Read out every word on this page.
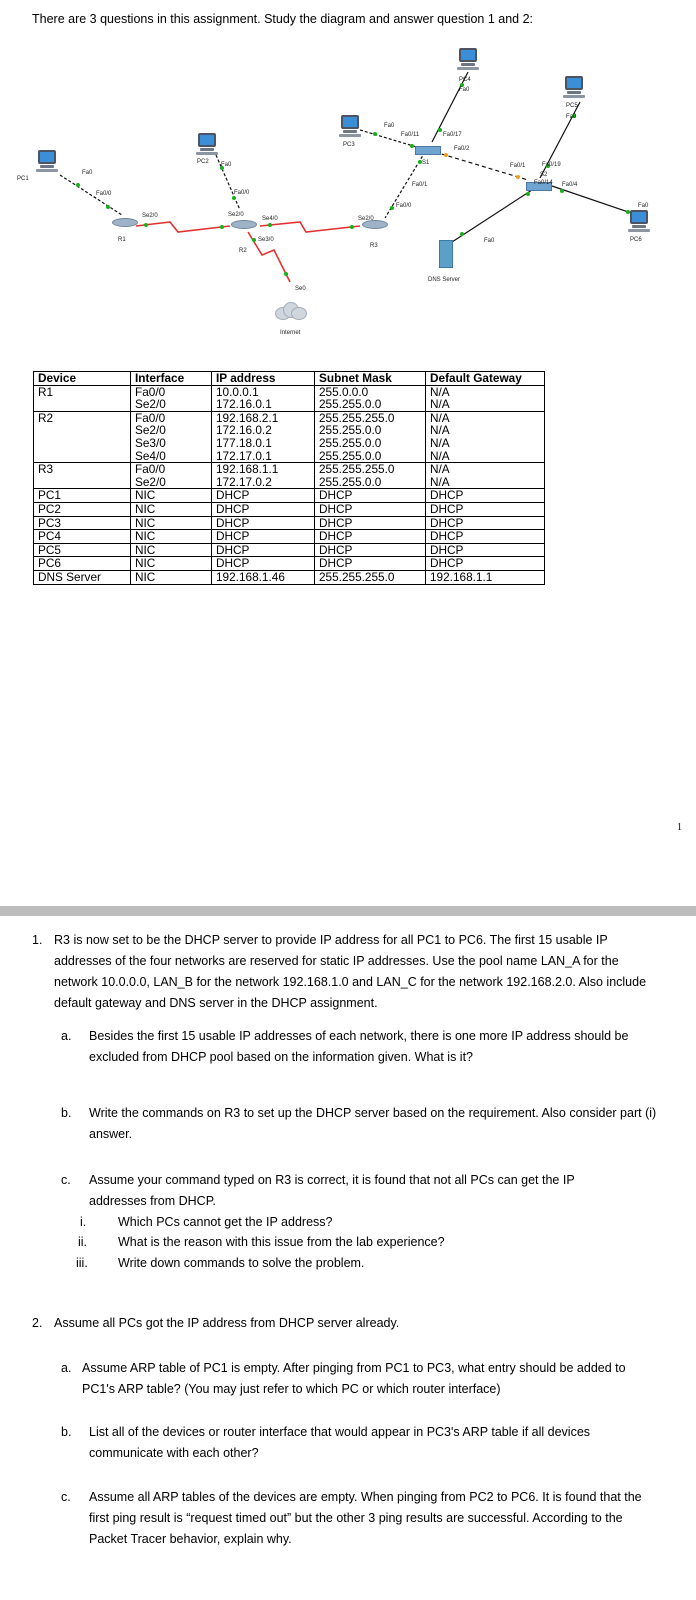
There are 3 questions in this assignment. Study the diagram and answer question 1 and 2:
PC1
Fa0
Fa0/0
Se2/0
R1
PC2 Fa0
Fa0/0
Se2/0
Se4/0
Se3/0
R2
Se0
Internet
PC3
Fa0
Se2/0
Fa0/0
R3
Fa0/11
S1
Fa0/1
Fa0/17
Fa0/2
PC4
Fa0
Fa0/1
S2
Fa0/14
Fa0/19
Fa0/4
PC5
Fa0
PC6
Fa0
DNS Server
Fa0
Device	Interface	IP address	Subnet Mask	Default Gateway
R1	Fa0/0	10.0.0.1	255.0.0.0	N/A
	Se2/0	172.16.0.1	255.255.0.0	N/A
R2	Fa0/0	192.168.2.1	255.255.255.0	N/A
	Se2/0	172.16.0.2	255.255.0.0	N/A
	Se3/0	177.18.0.1	255.255.0.0	N/A
	Se4/0	172.17.0.1	255.255.0.0	N/A
R3	Fa0/0	192.168.1.1	255.255.255.0	N/A
	Se2/0	172.17.0.2	255.255.0.0	N/A
PC1	NIC	DHCP	DHCP	DHCP
PC2	NIC	DHCP	DHCP	DHCP
PC3	NIC	DHCP	DHCP	DHCP
PC4	NIC	DHCP	DHCP	DHCP
PC5	NIC	DHCP	DHCP	DHCP
PC6	NIC	DHCP	DHCP	DHCP
DNS Server	NIC	192.168.1.46	255.255.255.0	192.168.1.1
1
1. R3 is now set to be the DHCP server to provide IP address for all PC1 to PC6. The first 15 usable IP addresses of the four networks are reserved for static IP addresses. Use the pool name LAN_A for the network 10.0.0.0, LAN_B for the network 192.168.1.0 and LAN_C for the network 192.168.2.0. Also include default gateway and DNS server in the DHCP assignment.
a. Besides the first 15 usable IP addresses of each network, there is one more IP address should be excluded from DHCP pool based on the information given. What is it?
b. Write the commands on R3 to set up the DHCP server based on the requirement. Also consider part (i) answer.
c. Assume your command typed on R3 is correct, it is found that not all PCs can get the IP addresses from DHCP.
i.	Which PCs cannot get the IP address?
ii. What is the reason with this issue from the lab experience?
iii. Write down commands to solve the problem.
2. Assume all PCs got the IP address from DHCP server already.
a. Assume ARP table of PC1 is empty. After pinging from PC1 to PC3, what entry should be added to PC1's ARP table? (You may just refer to which PC or which router interface)
b. List all of the devices or router interface that would appear in PC3's ARP table if all devices communicate with each other?
c. Assume all ARP tables of the devices are empty. When pinging from PC2 to PC6. It is found that the first ping result is “request timed out” but the other 3 ping results are successful. According to the Packet Tracer behavior, explain why.
